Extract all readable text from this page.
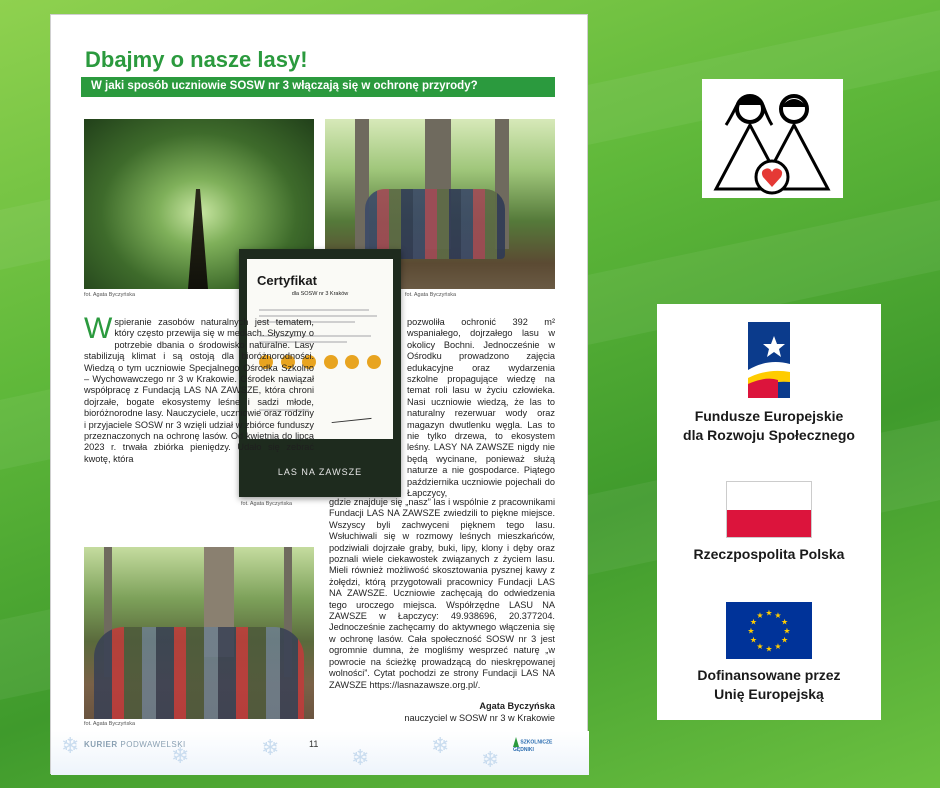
Dbajmy o nasze lasy!
W jaki sposób uczniowie SOSW nr 3 włączają się w ochronę przyrody?
fot. Agata Byczyńska	fot. Agata Byczyńska
Certyfikat
dla SOSW nr 3 Kraków
LAS NA ZAWSZE
fot. Agata Byczyńska
Wspieranie zasobów naturalnych jest tematem, który często przewija się w mediach. Słyszymy o potrzebie dbania o środowisko naturalne. Lasy stabilizują klimat i są ostoją dla bioróżnorodności. Wiedzą o tym uczniowie Specjalnego Ośrodka Szkolno – Wychowawczego nr 3 w Krakowie. Ośrodek nawiązał współpracę z Fundacją LAS NA ZAWSZE, która chroni dojrzałe, bogate ekosystemy leśne i sadzi młode, bioróżnorodne lasy. Nauczyciele, uczniowie oraz rodziny i przyjaciele SOSW nr 3 wzięli udział w zbiórce funduszy przeznaczonych na ochronę lasów. Od kwietnia do lipca 2023 r. trwała zbiórka pieniędzy. Udało się zebrać kwotę, która
pozwoliła ochronić 392 m² wspaniałego, dojrzałego lasu w okolicy Bochni. Jednocześnie w Ośrodku prowadzono zajęcia edukacyjne oraz wydarzenia szkolne propagujące wiedzę na temat roli lasu w życiu człowieka. Nasi uczniowie wiedzą, że las to naturalny rezerwuar wody oraz magazyn dwutlenku węgla. Las to nie tylko drzewa, to ekosystem leśny. LASY NA ZAWSZE nigdy nie będą wycinane, ponieważ służą naturze a nie gospodarce. Piątego października uczniowie pojechali do Łapczycy,
gdzie znajduje się „nasz” las i wspólnie z pracownikami Fundacji LAS NA ZAWSZE zwiedzili to piękne miejsce. Wszyscy byli zachwyceni pięknem tego lasu. Wsłuchiwali się w rozmowy leśnych mieszkańców, podziwiali dojrzałe graby, buki, lipy, klony i dęby oraz poznali wiele ciekawostek związanych z życiem lasu. Mieli również możliwość skosztowania pysznej kawy z żołędzi, którą przygotowali pracownicy Fundacji LAS NA ZAWSZE. Uczniowie zachęcają do odwiedzenia tego uroczego miejsca. Współrzędne LASU NA ZAWSZE w Łapczycy: 49.938696, 20.377204. Jednocześnie zachęcamy do aktywnego włączenia się w ochronę lasów. Cała społeczność SOSW nr 3 jest ogromnie dumna, że mogliśmy wesprzeć naturę „w powrocie na ścieżkę prowadzącą do nieskrępowanej wolności”. Cytat pochodzi ze strony Fundacji LAS NA ZAWSZE https://lasnazawsze.org.pl/.
Agata Byczyńska
nauczyciel w SOSW nr 3 w Krakowie
fot. Agata Byczyńska
❄	❄	❄	❄	❄
❄
KURIER PODWAWELSKI	11	SZKOLNICZE GĘDNIKI
Fundusze Europejskie
dla Rozwoju Społecznego
Rzeczpospolita Polska
★ ★
★
★
★
★
★
★
★
★
★
★
Dofinansowane przez
Unię Europejską
